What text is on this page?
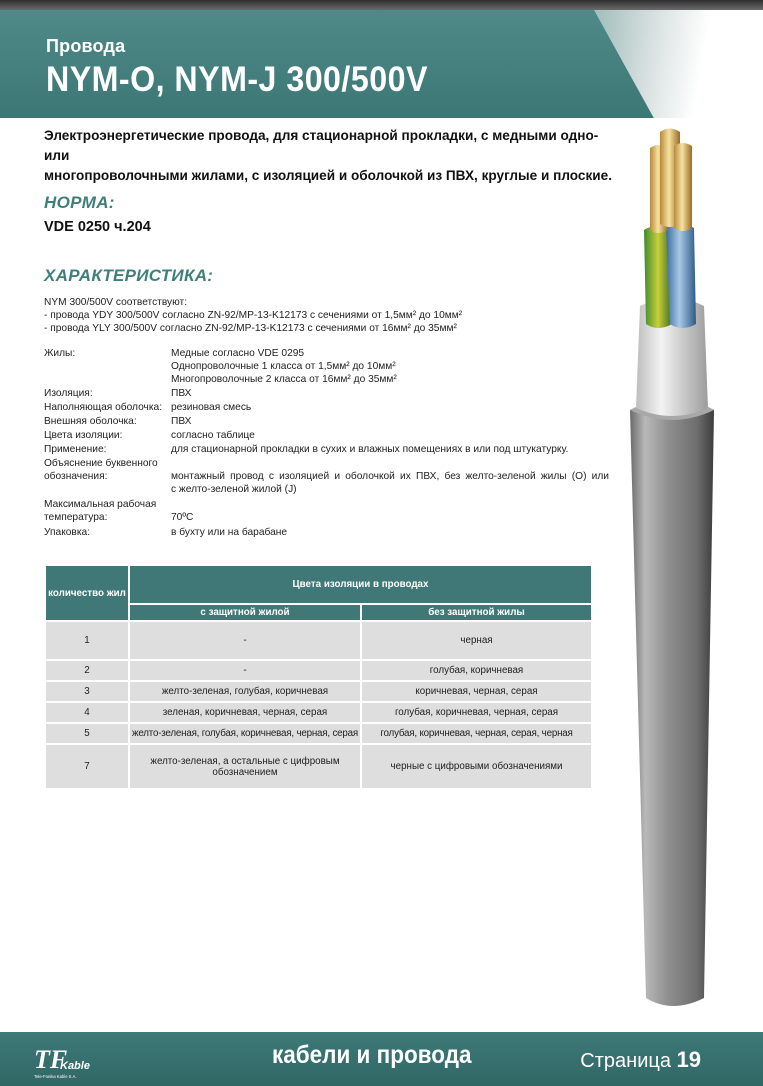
Провода
NYM-O, NYM-J 300/500V
Электроэнергетические провода, для стационарной прокладки, с медными одно- или
многопроволочными жилами, с изоляцией и оболочкой из ПВХ, круглые и плоские.
НОРМА:
VDE 0250 ч.204
ХАРАКТЕРИСТИКА:
NYM 300/500V соответствуют:
- провода YDY 300/500V согласно ZN-92/MP-13-K12173 с сечениями от 1,5мм² до 10мм²
- провода YLY 300/500V согласно ZN-92/MP-13-K12173 с сечениями от 16мм² до 35мм²
Жилы:	Медные согласно VDE 0295
Однопроволочные 1 класса от 1,5мм² до 10мм²
Многопроволочные 2 класса от 16мм² до 35мм²
Изоляция:	ПВХ
Наполняющая оболочка: резиновая смесь
Внешняя оболочка:	ПВХ
Цвета изоляции:	согласно таблице
Применение:	для стационарной прокладки в сухих и влажных помещениях в или под штукатурку.
Объяснение буквенного
обозначения:	монтажный провод с изоляцией и оболочкой их ПВХ, без желто-зеленой жилы (O) или
с желто-зеленой жилой (J)
Максимальная рабочая
температура:	70ºC
Упаковка:	в бухту или на барабане
количество жил	Цвета изоляции в проводах	
	с защитной жилой	без защитной жилы
1	-	черная
2	-	голубая, коричневая
3	желто-зеленая, голубая, коричневая	коричневая, черная, серая
4	зеленая, коричневая, черная, серая	голубая, коричневая, черная, серая
5	желто-зеленая, голубая, коричневая, черная, серая	голубая, коричневая, черная, серая, черная
7	желто-зеленая, а остальные с цифровым обозначением	черные с цифровыми обозначениями
TF
Kable
Tele-Fonika Kable S.A.
кабели и провода	Страница 19
